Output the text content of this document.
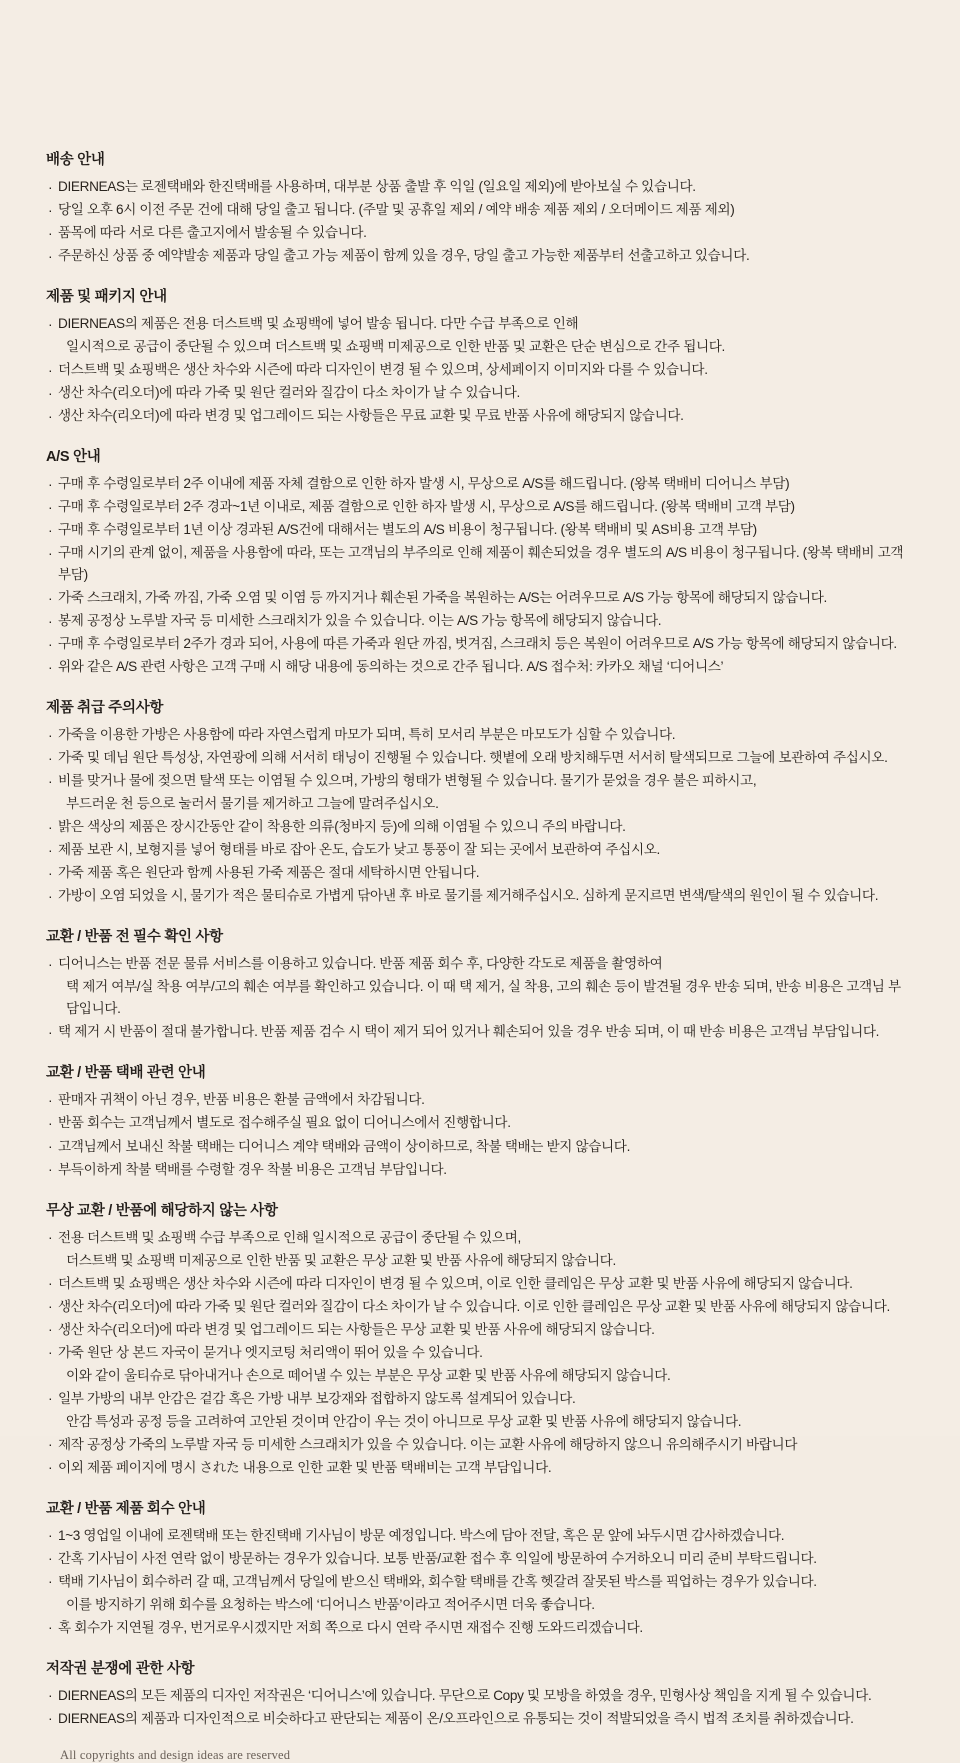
배송 안내
· DIERNEAS는 로젠택배와 한진택배를 사용하며, 대부분 상품 출발 후 익일 (일요일 제외)에 받아보실 수 있습니다.
· 당일 오후 6시 이전 주문 건에 대해 당일 출고 됩니다. (주말 및 공휴일 제외 / 예약 배송 제품 제외 / 오더메이드 제품 제외)
· 품목에 따라 서로 다른 출고지에서 발송될 수 있습니다.
· 주문하신 상품 중 예약발송 제품과 당일 출고 가능 제품이 함께 있을 경우, 당일 출고 가능한 제품부터 선출고하고 있습니다.
제품 및 패키지 안내
· DIERNEAS의 제품은 전용 더스트백 및 쇼핑백에 넣어 발송 됩니다. 다만 수급 부족으로 인해
일시적으로 공급이 중단될 수 있으며 더스트백 및 쇼핑백 미제공으로 인한 반품 및 교환은 단순 변심으로 간주 됩니다.
· 더스트백 및 쇼핑백은 생산 차수와 시즌에 따라 디자인이 변경 될 수 있으며, 상세페이지 이미지와 다를 수 있습니다.
· 생산 차수(리오더)에 따라 가죽 및 원단 컬러와 질감이 다소 차이가 날 수 있습니다.
· 생산 차수(리오더)에 따라 변경 및 업그레이드 되는 사항들은 무료 교환 및 무료 반품 사유에 해당되지 않습니다.
A/S 안내
· 구매 후 수령일로부터 2주 이내에 제품 자체 결함으로 인한 하자 발생 시, 무상으로 A/S를 해드립니다. (왕복 택배비 디어니스 부담)
· 구매 후 수령일로부터 2주 경과~1년 이내로, 제품 결함으로 인한 하자 발생 시, 무상으로 A/S를 해드립니다. (왕복 택배비 고객 부담)
· 구매 후 수령일로부터 1년 이상 경과된 A/S건에 대해서는 별도의 A/S 비용이 청구됩니다. (왕복 택배비 및 AS비용 고객 부담)
· 구매 시기의 관계 없이, 제품을 사용함에 따라, 또는 고객님의 부주의로 인해 제품이 훼손되었을 경우 별도의 A/S 비용이 청구됩니다. (왕복 택배비 고객 부담)
· 가죽 스크래치, 가죽 까짐, 가죽 오염 및 이염 등 까지거나 훼손된 가죽을 복원하는 A/S는 어려우므로 A/S 가능 항목에 해당되지 않습니다.
· 봉제 공정상 노루발 자국 등 미세한 스크래치가 있을 수 있습니다. 이는 A/S 가능 항목에 해당되지 않습니다.
· 구매 후 수령일로부터 2주가 경과 되어, 사용에 따른 가죽과 원단 까짐, 벗겨짐, 스크래치 등은 복원이 어려우므로 A/S 가능 항목에 해당되지 않습니다.
· 위와 같은 A/S 관련 사항은 고객 구매 시 해당 내용에 동의하는 것으로 간주 됩니다. A/S 접수처: 카카오 채널 ‘디어니스’
제품 취급 주의사항
· 가죽을 이용한 가방은 사용함에 따라 자연스럽게 마모가 되며, 특히 모서리 부분은 마모도가 심할 수 있습니다.
· 가죽 및 데님 원단 특성상, 자연광에 의해 서서히 태닝이 진행될 수 있습니다. 햇볕에 오래 방치해두면 서서히 탈색되므로 그늘에 보관하여 주십시오.
· 비를 맞거나 물에 젖으면 탈색 또는 이염될 수 있으며, 가방의 형태가 변형될 수 있습니다. 물기가 묻었을 경우 불은 피하시고,
부드러운 천 등으로 눌러서 물기를 제거하고 그늘에 말려주십시오.
· 밝은 색상의 제품은 장시간동안 같이 착용한 의류(청바지 등)에 의해 이염될 수 있으니 주의 바랍니다.
· 제품 보관 시, 보형지를 넣어 형태를 바로 잡아 온도, 습도가 낮고 통풍이 잘 되는 곳에서 보관하여 주십시오.
· 가죽 제품 혹은 원단과 함께 사용된 가죽 제품은 절대 세탁하시면 안됩니다.
· 가방이 오염 되었을 시, 물기가 적은 물티슈로 가볍게 닦아낸 후 바로 물기를 제거해주십시오. 심하게 문지르면 변색/탈색의 원인이 될 수 있습니다.
교환 / 반품 전 필수 확인 사항
· 디어니스는 반품 전문 물류 서비스를 이용하고 있습니다. 반품 제품 회수 후, 다양한 각도로 제품을 촬영하여
택 제거 여부/실 착용 여부/고의 훼손 여부를 확인하고 있습니다. 이 때 택 제거, 실 착용, 고의 훼손 등이 발견될 경우 반송 되며, 반송 비용은 고객님 부담입니다.
· 택 제거 시 반품이 절대 불가합니다. 반품 제품 검수 시 택이 제거 되어 있거나 훼손되어 있을 경우 반송 되며, 이 때 반송 비용은 고객님 부담입니다.
교환 / 반품 택배 관련 안내
· 판매자 귀책이 아닌 경우, 반품 비용은 환불 금액에서 차감됩니다.
· 반품 회수는 고객님께서 별도로 접수해주실 필요 없이 디어니스에서 진행합니다.
· 고객님께서 보내신 착불 택배는 디어니스 계약 택배와 금액이 상이하므로, 착불 택배는 받지 않습니다.
· 부득이하게 착불 택배를 수령할 경우 착불 비용은 고객님 부담입니다.
무상 교환 / 반품에 해당하지 않는 사항
· 전용 더스트백 및 쇼핑백 수급 부족으로 인해 일시적으로 공급이 중단될 수 있으며,
더스트백 및 쇼핑백 미제공으로 인한 반품 및 교환은 무상 교환 및 반품 사유에 해당되지 않습니다.
· 더스트백 및 쇼핑백은 생산 차수와 시즌에 따라 디자인이 변경 될 수 있으며, 이로 인한 클레임은 무상 교환 및 반품 사유에 해당되지 않습니다.
· 생산 차수(리오더)에 따라 가죽 및 원단 컬러와 질감이 다소 차이가 날 수 있습니다. 이로 인한 클레임은 무상 교환 및 반품 사유에 해당되지 않습니다.
· 생산 차수(리오더)에 따라 변경 및 업그레이드 되는 사항들은 무상 교환 및 반품 사유에 해당되지 않습니다.
· 가죽 원단 상 본드 자국이 묻거나 엣지코팅 처리액이 뛰어 있을 수 있습니다.
이와 같이 울티슈로 닦아내거나 손으로 떼어낼 수 있는 부분은 무상 교환 및 반품 사유에 해당되지 않습니다.
· 일부 가방의 내부 안감은 겉감 혹은 가방 내부 보강재와 접합하지 않도록 설계되어 있습니다.
안감 특성과 공정 등을 고려하여 고안된 것이며 안감이 우는 것이 아니므로 무상 교환 및 반품 사유에 해당되지 않습니다.
· 제작 공정상 가죽의 노루발 자국 등 미세한 스크래치가 있을 수 있습니다. 이는 교환 사유에 해당하지 않으니 유의해주시기 바랍니다
· 이외 제품 페이지에 명시 された 내용으로 인한 교환 및 반품 택배비는 고객 부담입니다.
교환 / 반품 제품 회수 안내
· 1~3 영업일 이내에 로젠택배 또는 한진택배 기사님이 방문 예정입니다. 박스에 담아 전달, 혹은 문 앞에 놔두시면 감사하겠습니다.
· 간혹 기사님이 사전 연락 없이 방문하는 경우가 있습니다. 보통 반품/교환 접수 후 익일에 방문하여 수거하오니 미리 준비 부탁드립니다.
· 택배 기사님이 회수하러 갈 때, 고객님께서 당일에 받으신 택배와, 회수할 택배를 간혹 헷갈려 잘못된 박스를 픽업하는 경우가 있습니다.
이를 방지하기 위해 회수를 요청하는 박스에 ‘디어니스 반품’이라고 적어주시면 더욱 좋습니다.
· 혹 회수가 지연될 경우, 번거로우시겠지만 저희 쪽으로 다시 연락 주시면 재접수 진행 도와드리겠습니다.
저작권 분쟁에 관한 사항
· DIERNEAS의 모든 제품의 디자인 저작권은 ‘디어니스’에 있습니다. 무단으로 Copy 및 모방을 하였을 경우, 민형사상 책임을 지게 될 수 있습니다.
· DIERNEAS의 제품과 디자인적으로 비슷하다고 판단되는 제품이 온/오프라인으로 유통되는 것이 적발되었을 즉시 법적 조치를 취하겠습니다.
All copyrights and design ideas are reserved
